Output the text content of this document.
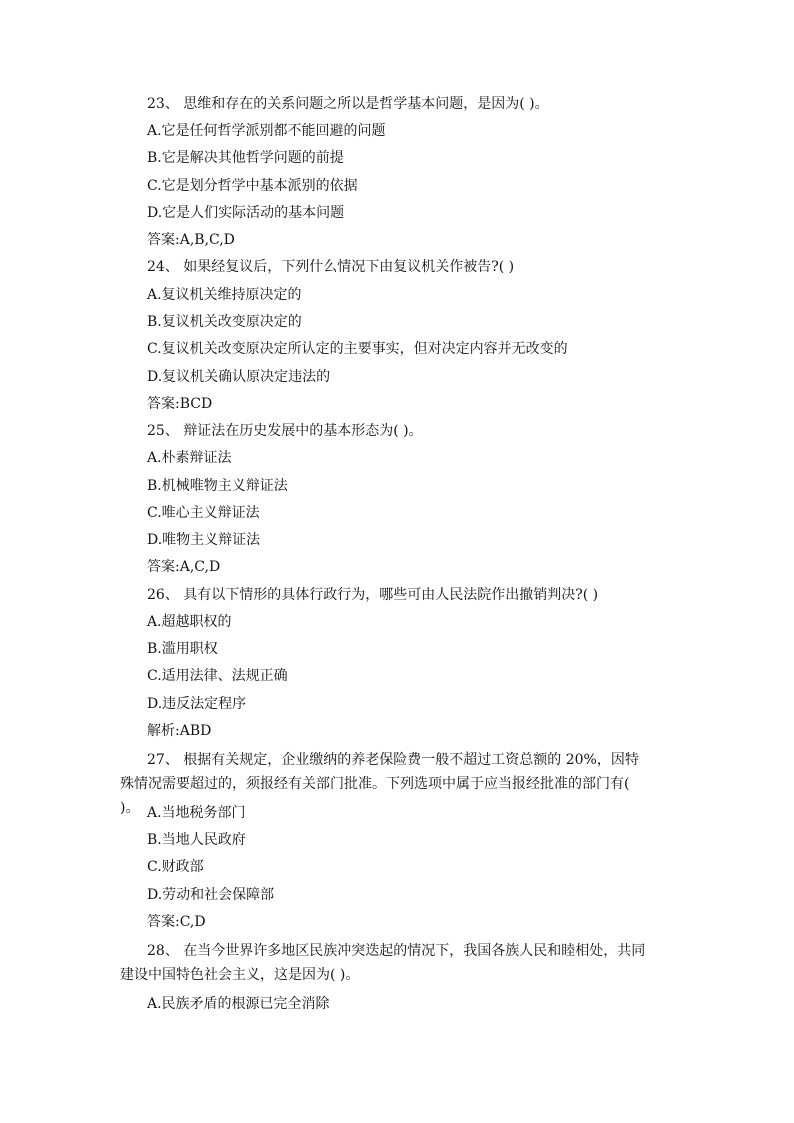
23、 思维和存在的关系问题之所以是哲学基本问题，是因为( )。
A.它是任何哲学派别都不能回避的问题
B.它是解决其他哲学问题的前提
C.它是划分哲学中基本派别的依据
D.它是人们实际活动的基本问题
答案:A,B,C,D
24、 如果经复议后，下列什么情况下由复议机关作被告?( )
A.复议机关维持原决定的
B.复议机关改变原决定的
C.复议机关改变原决定所认定的主要事实，但对决定内容并无改变的
D.复议机关确认原决定违法的
答案:BCD
25、 辩证法在历史发展中的基本形态为( )。
A.朴素辩证法
B.机械唯物主义辩证法
C.唯心主义辩证法
D.唯物主义辩证法
答案:A,C,D
26、 具有以下情形的具体行政行为，哪些可由人民法院作出撤销判决?( )
A.超越职权的
B.滥用职权
C.适用法律、法规正确
D.违反法定程序
解析:ABD
27、 根据有关规定，企业缴纳的养老保险费一般不超过工资总额的 20%，因特殊情况需要超过的，须报经有关部门批准。下列选项中属于应当报经批准的部门有( )。 A.当地税务部门
B.当地人民政府
C.财政部
D.劳动和社会保障部
答案:C,D
28、 在当今世界许多地区民族冲突迭起的情况下，我国各族人民和睦相处，共同建设中国特色社会主义，这是因为( )。
A.民族矛盾的根源已完全消除
